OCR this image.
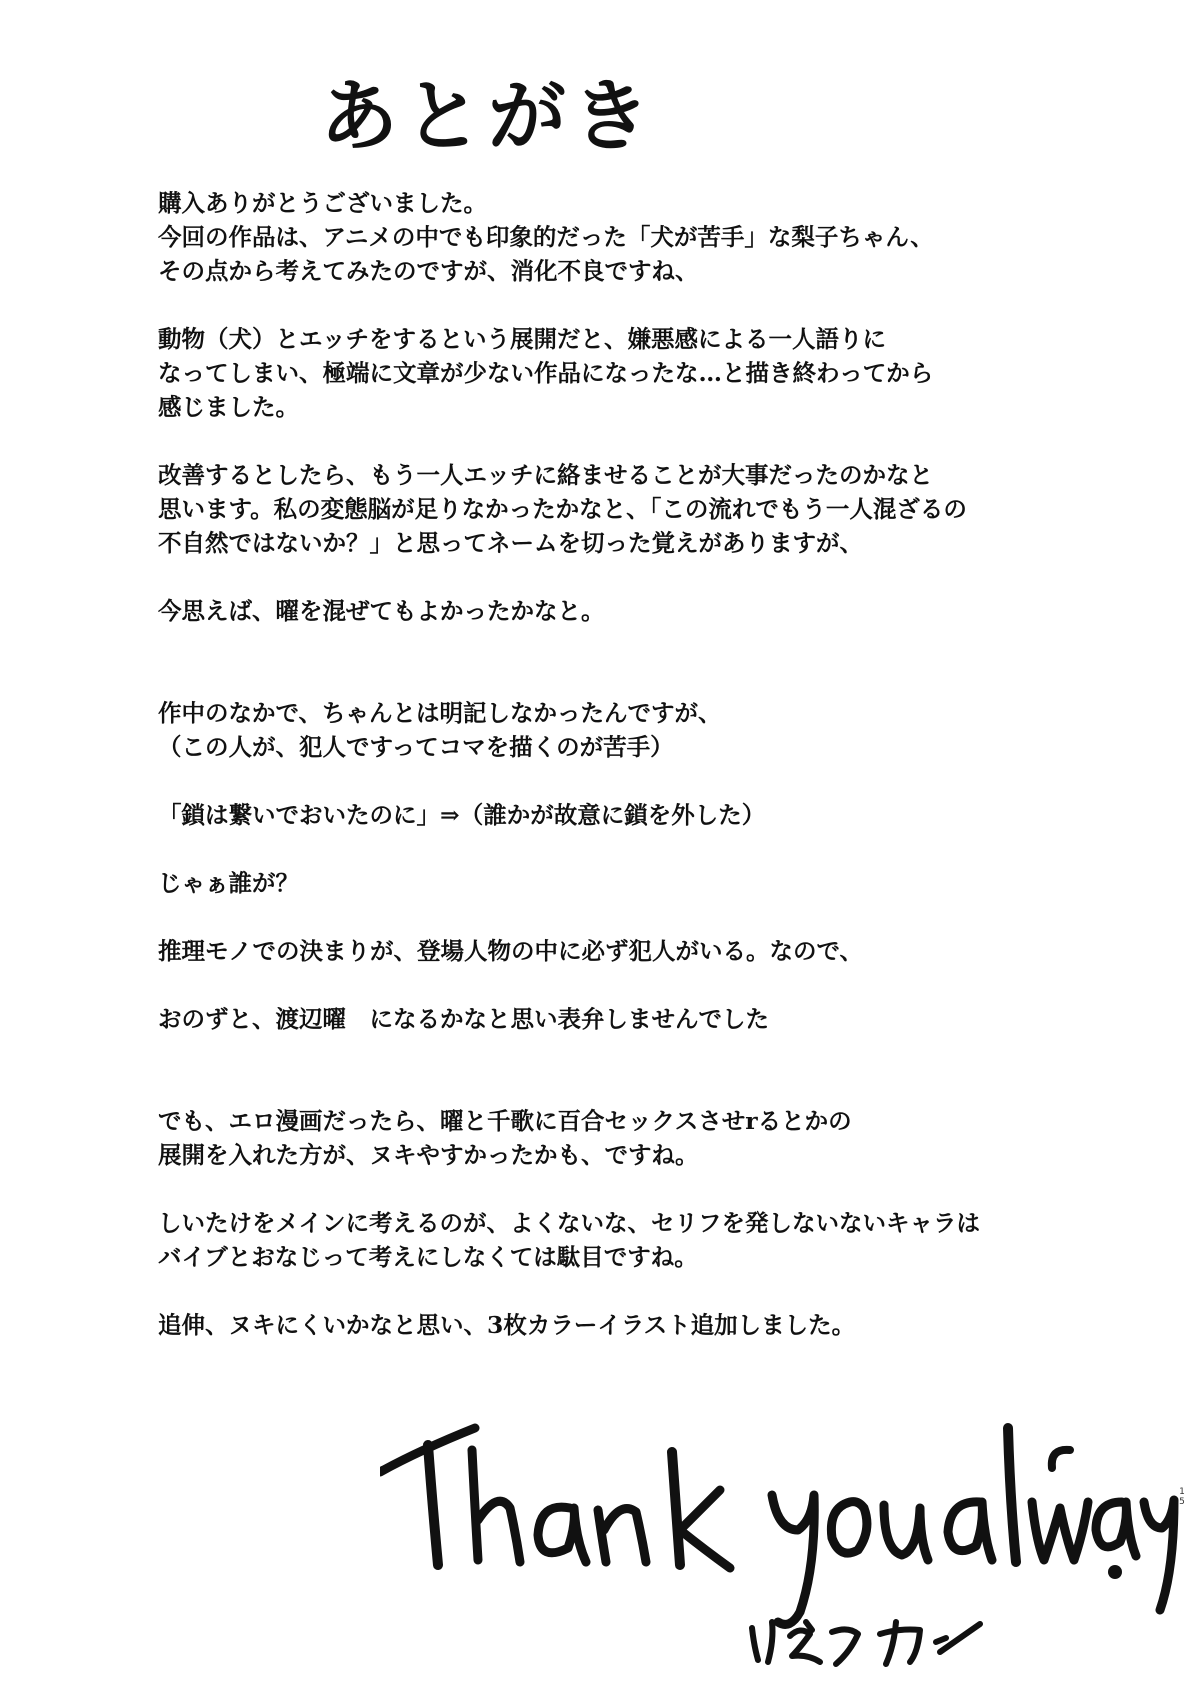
あとがき
購入ありがとうございました。
今回の作品は、アニメの中でも印象的だった「犬が苦手」な梨子ちゃん、
その点から考えてみたのですが、消化不良ですね、
動物（犬）とエッチをするという展開だと、嫌悪感による一人語りに
なってしまい、極端に文章が少ない作品になったな…と描き終わってから
感じました。
改善するとしたら、もう一人エッチに絡ませることが大事だったのかなと
思います。私の変態脳が足りなかったかなと、「この流れでもう一人混ざるの
不自然ではないか？」と思ってネームを切った覚えがありますが、
今思えば、曜を混ぜてもよかったかなと。
作中のなかで、ちゃんとは明記しなかったんですが、
（この人が、犯人ですってコマを描くのが苦手）
「鎖は繋いでおいたのに」⇒（誰かが故意に鎖を外した）
じゃぁ誰が？
推理モノでの決まりが、登場人物の中に必ず犯人がいる。なので、
おのずと、渡辺曜　になるかなと思い表弁しませんでした
でも、エロ漫画だったら、曜と千歌に百合セックスさせrるとかの
展開を入れた方が、ヌキやすかったかも、ですね。
しいたけをメインに考えるのが、よくないな、セリフを発しないないキャラは
バイブとおなじって考えにしなくては駄目ですね。
追伸、ヌキにくいかなと思い、3枚カラーイラスト追加しました。
1
5
